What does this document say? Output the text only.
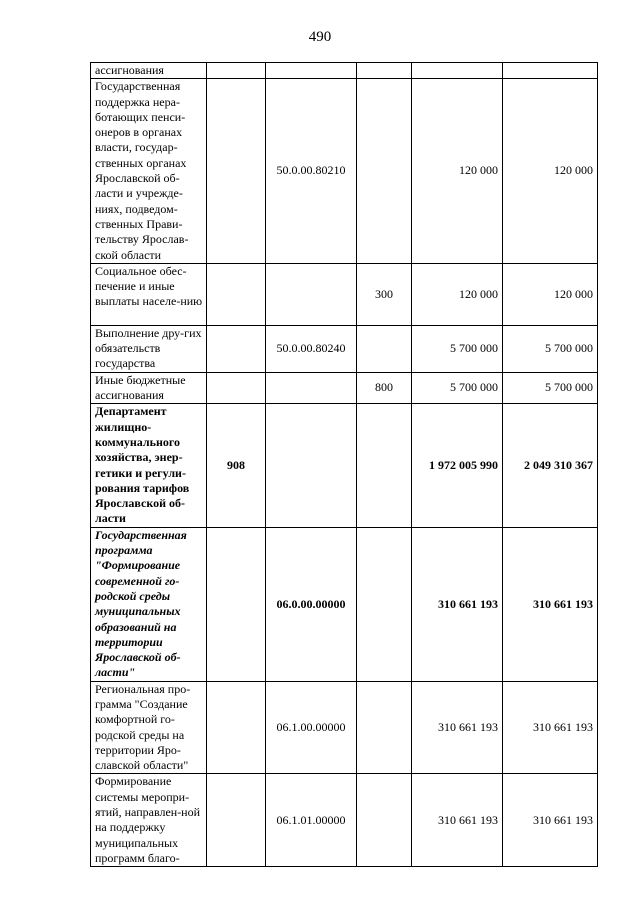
490
ассигнования					
Государственная поддержка нера-ботающих пенси-онеров в органах власти, государ-ственных органах Ярославской об-ласти и учрежде-ниях, подведом-ственных Прави-тельству Ярослав-ской области		50.0.00.80210		120 000	120 000
Социальное обес-печение и иные выплаты населе-нию			300	120 000	120 000
Выполнение дру-гих обязательств государства		50.0.00.80240		5 700 000	5 700 000
Иные бюджетные ассигнования			800	5 700 000	5 700 000
Департамент жилищно-коммунального хозяйства, энер-гетики и регули-рования тарифов Ярославской об-ласти	908			1 972 005 990	2 049 310 367
Государственная программа "Формирование современной го-родской среды муниципальных образований на территории Ярославской об-ласти"		06.0.00.00000		310 661 193	310 661 193
Региональная про-грамма "Создание комфортной го-родской среды на территории Яро-славской области"		06.1.00.00000		310 661 193	310 661 193
Формирование системы меропри-ятий, направлен-ной на поддержку муниципальных программ благо-		06.1.01.00000		310 661 193	310 661 193
